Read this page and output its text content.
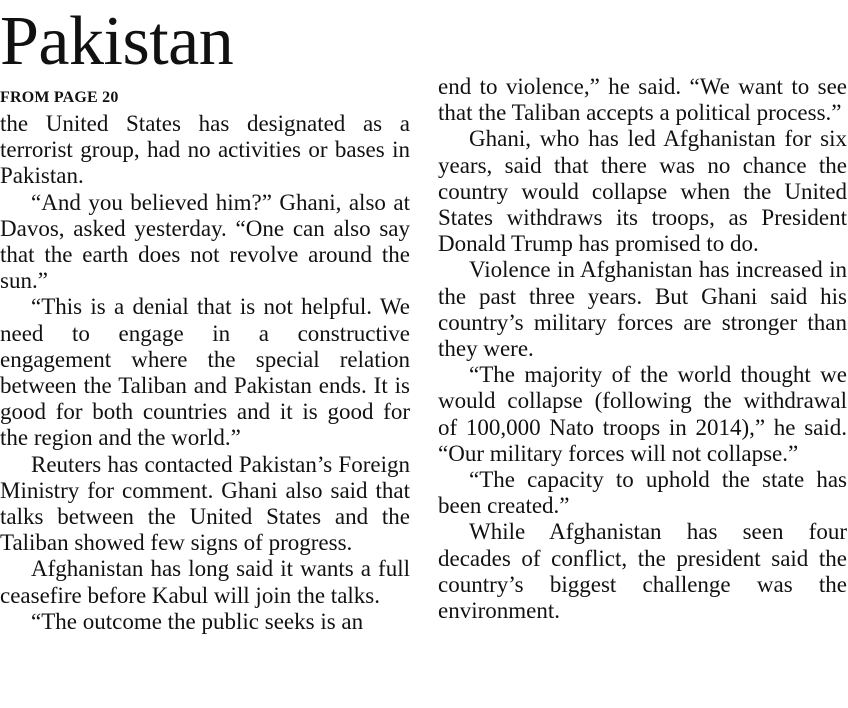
Pakistan
FROM PAGE 20

the United States has designated as a terrorist group, had no activities or bases in Pakistan.

“And you believed him?” Ghani, also at Davos, asked yesterday. “One can also say that the earth does not revolve around the sun.”

“This is a denial that is not helpful. We need to engage in a constructive engagement where the special relation between the Taliban and Pakistan ends. It is good for both countries and it is good for the region and the world.”

Reuters has contacted Pakistan’s Foreign Ministry for comment. Ghani also said that talks between the United States and the Taliban showed few signs of progress.

Afghanistan has long said it wants a full ceasefire before Kabul will join the talks.

“The outcome the public seeks is an

end to violence,” he said. “We want to see that the Taliban accepts a political process.”

Ghani, who has led Afghanistan for six years, said that there was no chance the country would collapse when the United States withdraws its troops, as President Donald Trump has promised to do.

Violence in Afghanistan has increased in the past three years. But Ghani said his country’s military forces are stronger than they were.

“The majority of the world thought we would collapse (following the withdrawal of 100,000 Nato troops in 2014),” he said. “Our military forces will not collapse.”

“The capacity to uphold the state has been created.”

While Afghanistan has seen four decades of conflict, the president said the country’s biggest challenge was the environment.
